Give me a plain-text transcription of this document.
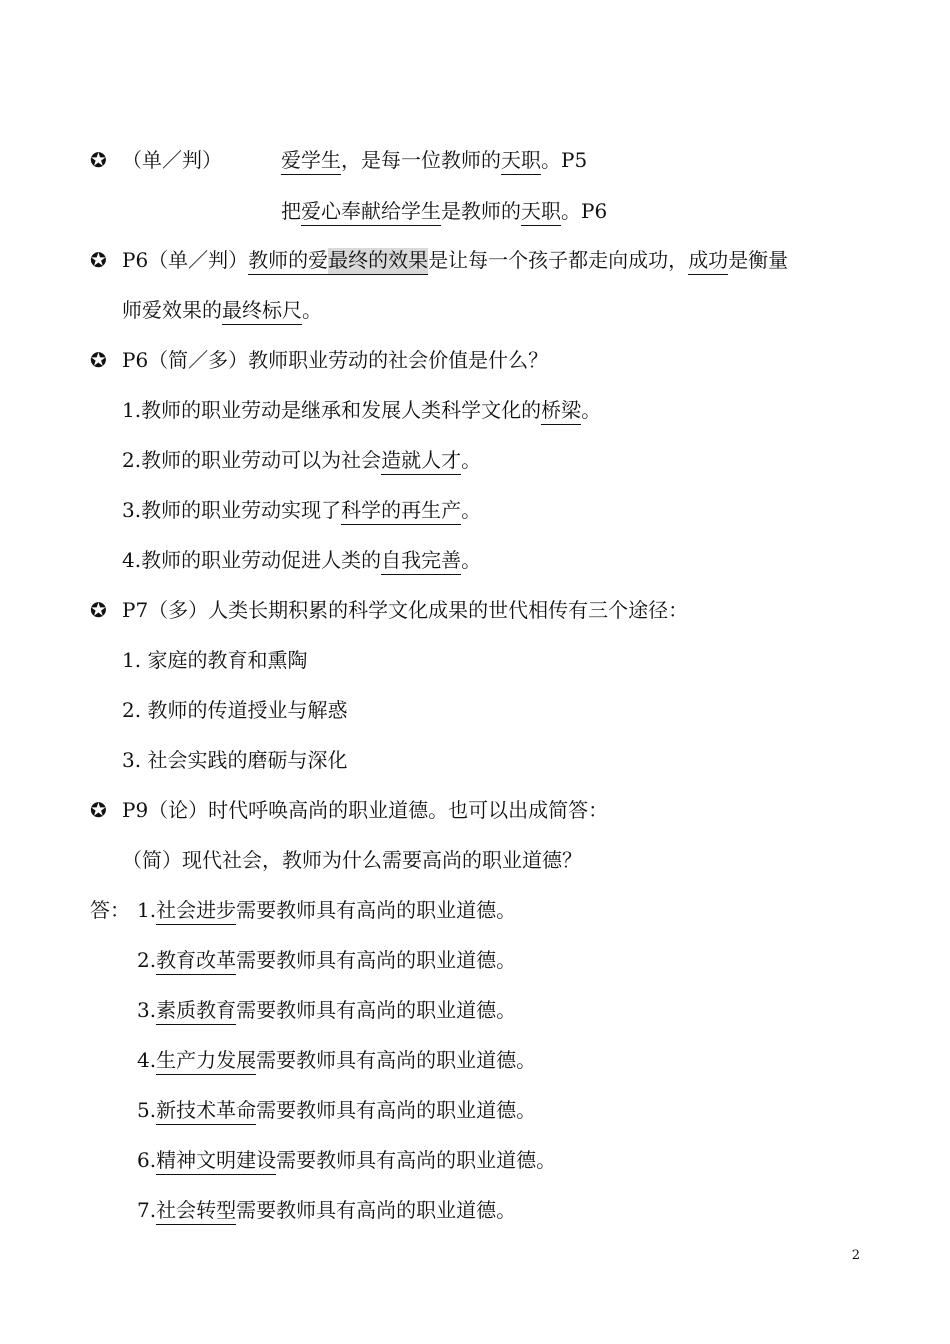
✪ （单／判）	爱学生，是每一位教师的天职。P5
把爱心奉献给学生是教师的天职。P6
✪ P6（单／判）教师的爱最终的效果是让每一个孩子都走向成功，成功是衡量
师爱效果的最终标尺。
✪ P6（简／多）教师职业劳动的社会价值是什么？
1.教师的职业劳动是继承和发展人类科学文化的桥梁。
2.教师的职业劳动可以为社会造就人才。
3.教师的职业劳动实现了科学的再生产。
4.教师的职业劳动促进人类的自我完善。
✪ P7（多）人类长期积累的科学文化成果的世代相传有三个途径：
1. 家庭的教育和熏陶
2. 教师的传道授业与解惑
3. 社会实践的磨砺与深化
✪ P9（论）时代呼唤高尚的职业道德。也可以出成简答：
（简）现代社会，教师为什么需要高尚的职业道德？
答： 1.社会进步需要教师具有高尚的职业道德。
2.教育改革需要教师具有高尚的职业道德。
3.素质教育需要教师具有高尚的职业道德。
4.生产力发展需要教师具有高尚的职业道德。
5.新技术革命需要教师具有高尚的职业道德。
6.精神文明建设需要教师具有高尚的职业道德。
7.社会转型需要教师具有高尚的职业道德。
2
